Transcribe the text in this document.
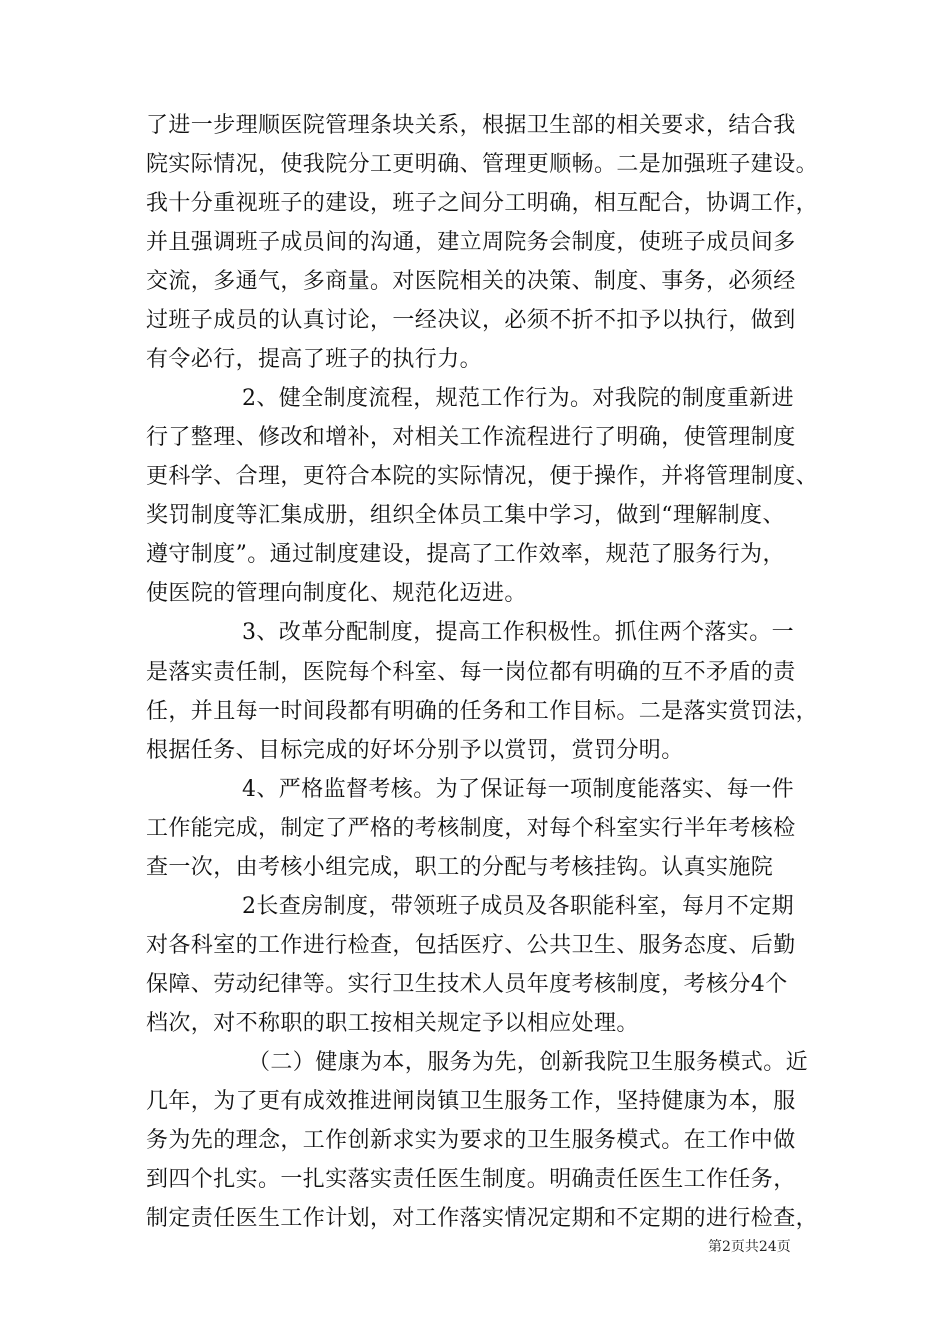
了进一步理顺医院管理条块关系，根据卫生部的相关要求，结合我
院实际情况，使我院分工更明确、管理更顺畅。二是加强班子建设。
我十分重视班子的建设，班子之间分工明确，相互配合，协调工作，
并且强调班子成员间的沟通，建立周院务会制度，使班子成员间多
交流，多通气，多商量。对医院相关的决策、制度、事务，必须经
过班子成员的认真讨论，一经决议，必须不折不扣予以执行，做到
有令必行，提高了班子的执行力。
2、健全制度流程，规范工作行为。对我院的制度重新进
行了整理、修改和增补，对相关工作流程进行了明确，使管理制度
更科学、合理，更符合本院的实际情况，便于操作，并将管理制度、
奖罚制度等汇集成册，组织全体员工集中学习，做到“理解制度、
遵守制度”。通过制度建设，提高了工作效率，规范了服务行为，
使医院的管理向制度化、规范化迈进。
3、改革分配制度，提高工作积极性。抓住两个落实。一
是落实责任制，医院每个科室、每一岗位都有明确的互不矛盾的责
任，并且每一时间段都有明确的任务和工作目标。二是落实赏罚法，
根据任务、目标完成的好坏分别予以赏罚，赏罚分明。
4、严格监督考核。为了保证每一项制度能落实、每一件
工作能完成，制定了严格的考核制度，对每个科室实行半年考核检
查一次，由考核小组完成，职工的分配与考核挂钩。认真实施院
2长查房制度，带领班子成员及各职能科室，每月不定期
对各科室的工作进行检查，包括医疗、公共卫生、服务态度、后勤
保障、劳动纪律等。实行卫生技术人员年度考核制度，考核分4个
档次，对不称职的职工按相关规定予以相应处理。
（二）健康为本，服务为先，创新我院卫生服务模式。近
几年，为了更有成效推进闸岗镇卫生服务工作，坚持健康为本，服
务为先的理念，工作创新求实为要求的卫生服务模式。在工作中做
到四个扎实。一扎实落实责任医生制度。明确责任医生工作任务，
制定责任医生工作计划，对工作落实情况定期和不定期的进行检查，
第2页共24页
